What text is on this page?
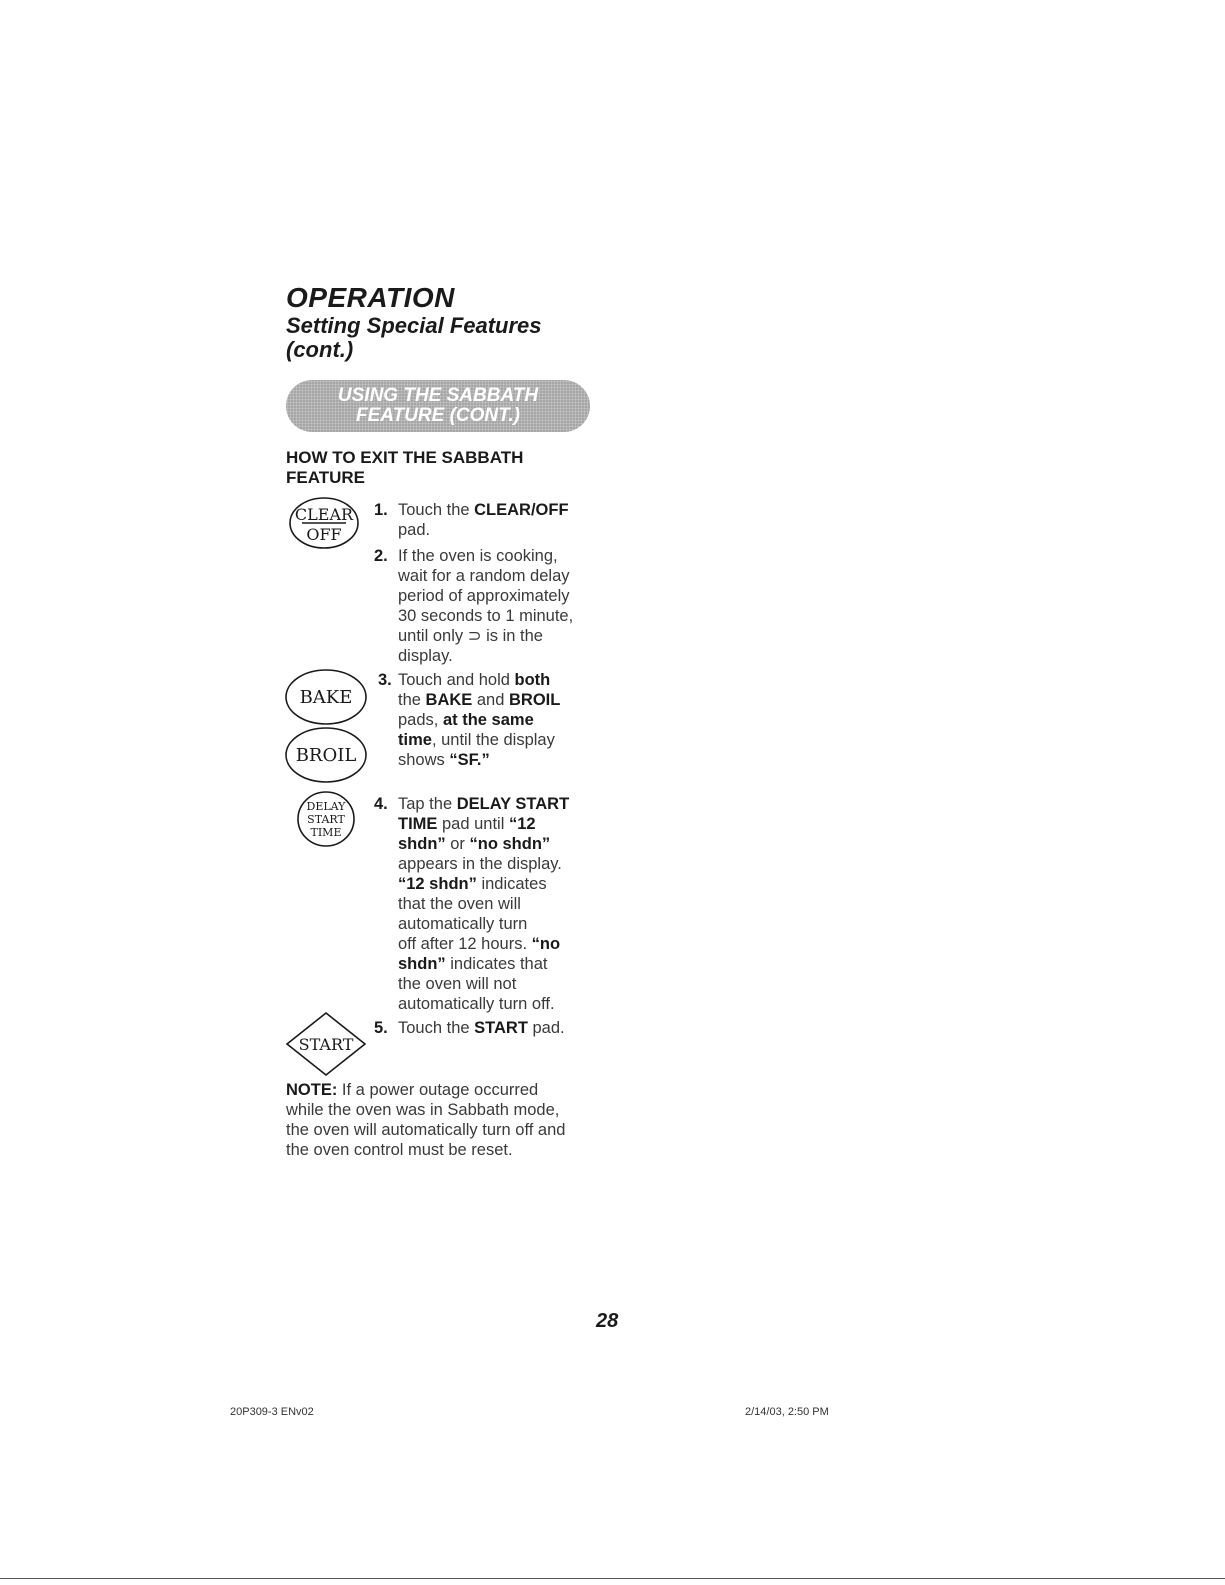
OPERATION
Setting Special Features
(cont.)
USING THE SABBATH
FEATURE (CONT.)
HOW TO EXIT THE SABBATH FEATURE
CLEAR
OFF
BAKE
BROIL
DELAY
START
TIME
START
1. Touch the CLEAR/OFF
pad.
2. If the oven is cooking,
wait for a random delay
period of approximately
30 seconds to 1 minute,
until only ⊃ is in the
display.
3. Touch and hold both
the BAKE and BROIL
pads, at the same
time, until the display
shows “SF.”
4. Tap the DELAY START
TIME pad until “12
shdn” or “no shdn”
appears in the display.
“12 shdn” indicates
that the oven will
automatically turn
off after 12 hours. “no
shdn” indicates that
the oven will not
automatically turn off.
5. Touch the START pad.
NOTE: If a power outage occurred
while the oven was in Sabbath mode,
the oven will automatically turn off and
the oven control must be reset.
28
20P309-3 ENv02	2/14/03, 2:50 PM
